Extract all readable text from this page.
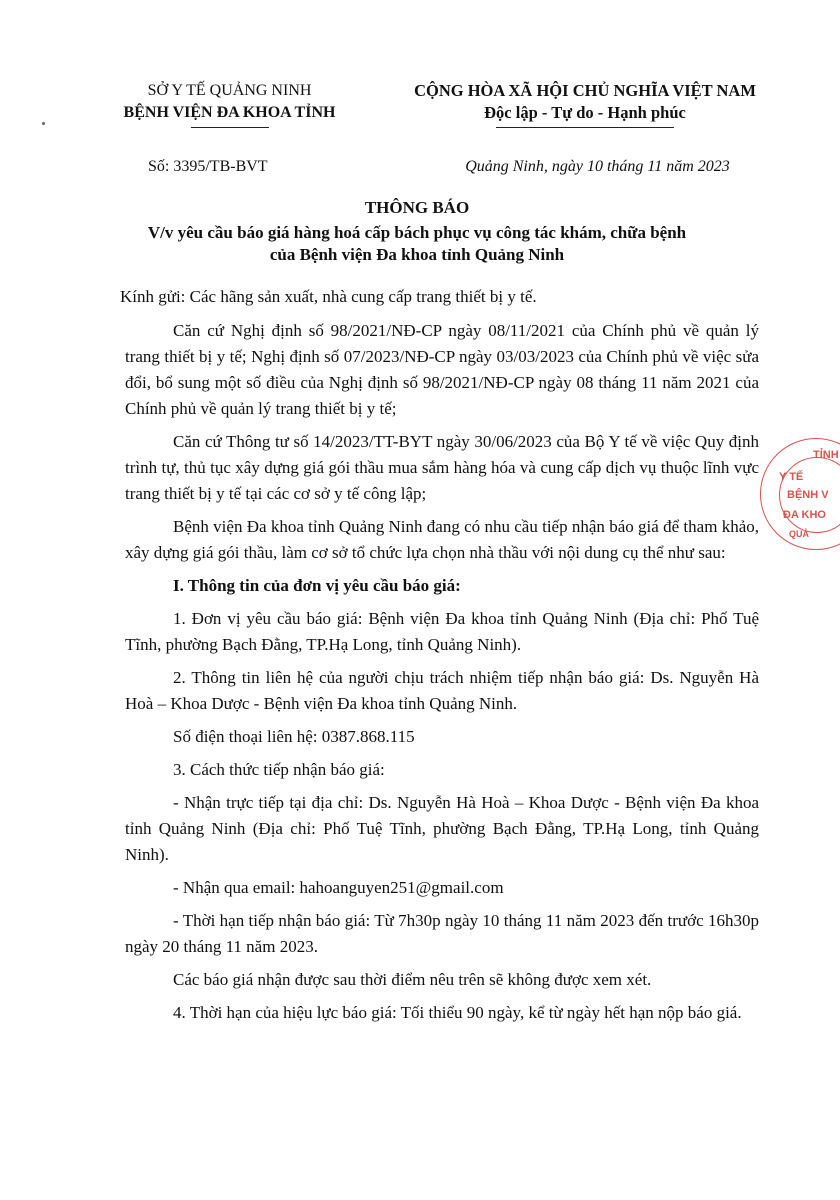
SỞ Y TẾ QUẢNG NINH
BỆNH VIỆN ĐA KHOA TỈNH
CỘNG HÒA XÃ HỘI CHỦ NGHĨA VIỆT NAM
Độc lập - Tự do - Hạnh phúc
Số: 3395/TB-BVT	Quảng Ninh, ngày 10 tháng 11 năm 2023
THÔNG BÁO
V/v yêu cầu báo giá hàng hoá cấp bách phục vụ công tác khám, chữa bệnh
của Bệnh viện Đa khoa tỉnh Quảng Ninh
Kính gửi: Các hãng sản xuất, nhà cung cấp trang thiết bị y tế.

Căn cứ Nghị định số 98/2021/NĐ-CP ngày 08/11/2021 của Chính phủ về quản lý trang thiết bị y tế; Nghị định số 07/2023/NĐ-CP ngày 03/03/2023 của Chính phủ về việc sửa đổi, bổ sung một số điều của Nghị định số 98/2021/NĐ-CP ngày 08 tháng 11 năm 2021 của Chính phủ về quản lý trang thiết bị y tế;

Căn cứ Thông tư số 14/2023/TT-BYT ngày 30/06/2023 của Bộ Y tế về việc Quy định trình tự, thủ tục xây dựng giá gói thầu mua sắm hàng hóa và cung cấp dịch vụ thuộc lĩnh vực trang thiết bị y tế tại các cơ sở y tế công lập;

Bệnh viện Đa khoa tỉnh Quảng Ninh đang có nhu cầu tiếp nhận báo giá để tham khảo, xây dựng giá gói thầu, làm cơ sở tổ chức lựa chọn nhà thầu với nội dung cụ thể như sau:

I. Thông tin của đơn vị yêu cầu báo giá:

1. Đơn vị yêu cầu báo giá: Bệnh viện Đa khoa tỉnh Quảng Ninh (Địa chỉ: Phố Tuệ Tĩnh, phường Bạch Đằng, TP.Hạ Long, tỉnh Quảng Ninh).

2. Thông tin liên hệ của người chịu trách nhiệm tiếp nhận báo giá: Ds. Nguyễn Hà Hoà – Khoa Dược - Bệnh viện Đa khoa tỉnh Quảng Ninh.

Số điện thoại liên hệ: 0387.868.115

3. Cách thức tiếp nhận báo giá:

- Nhận trực tiếp tại địa chỉ: Ds. Nguyễn Hà Hoà – Khoa Dược - Bệnh viện Đa khoa tỉnh Quảng Ninh (Địa chỉ: Phố Tuệ Tĩnh, phường Bạch Đằng, TP.Hạ Long, tỉnh Quảng Ninh).

- Nhận qua email: hahoanguyen251@gmail.com

- Thời hạn tiếp nhận báo giá: Từ 7h30p ngày 10 tháng 11 năm 2023 đến trước 16h30p ngày 20 tháng 11 năm 2023.

Các báo giá nhận được sau thời điểm nêu trên sẽ không được xem xét.

4. Thời hạn của hiệu lực báo giá: Tối thiểu 90 ngày, kể từ ngày hết hạn nộp báo giá.

TỈNH
Y TẾ
BỆNH V
ĐA KHO
QUẢ
